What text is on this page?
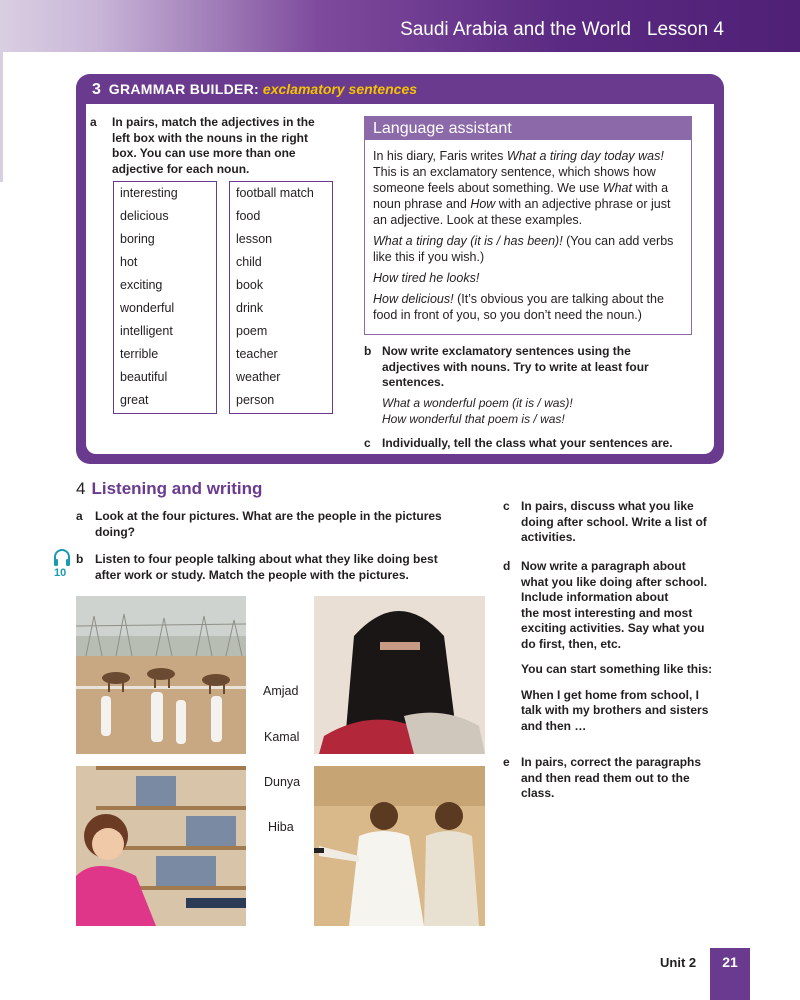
Saudi Arabia and the World Lesson 4
3 GRAMMAR BUILDER: exclamatory sentences
a In pairs, match the adjectives in the
left box with the nouns in the right
box. You can use more than one
adjective for each noun.
interesting
delicious
boring
hot
exciting
wonderful
intelligent
terrible
beautiful
great
football match
food
lesson
child
book
drink
poem
teacher
weather
person
Language assistant

In his diary, Faris writes What a tiring day today was! This is an exclamatory sentence, which shows how someone feels about something. We use What with a noun phrase and How with an adjective phrase or just an adjective. Look at these examples.

What a tiring day (it is / has been)! (You can add verbs like this if you wish.)

How tired he looks!

How delicious! (It’s obvious you are talking about the food in front of you, so you don’t need the noun.)

b Now write exclamatory sentences using the
adjectives with nouns. Try to write at least four
sentences.
What a wonderful poem (it is / was)!
How wonderful that poem is / was!
c Individually, tell the class what your sentences are.
4 Listening and writing
a Look at the four pictures. What are the people in the pictures
doing?
10
b Listen to four people talking about what they like doing best
after work or study. Match the people with the pictures.
Amjad
Kamal
Dunya
Hiba
c In pairs, discuss what you like
doing after school. Write a list of
activities.
d Now write a paragraph about
what you like doing after school.
Include information about
the most interesting and most
exciting activities. Say what you
do first, then, etc.
You can start something like this:
When I get home from school, I
talk with my brothers and sisters
and then …
e In pairs, correct the paragraphs
and then read them out to the
class.
Unit 2	21
